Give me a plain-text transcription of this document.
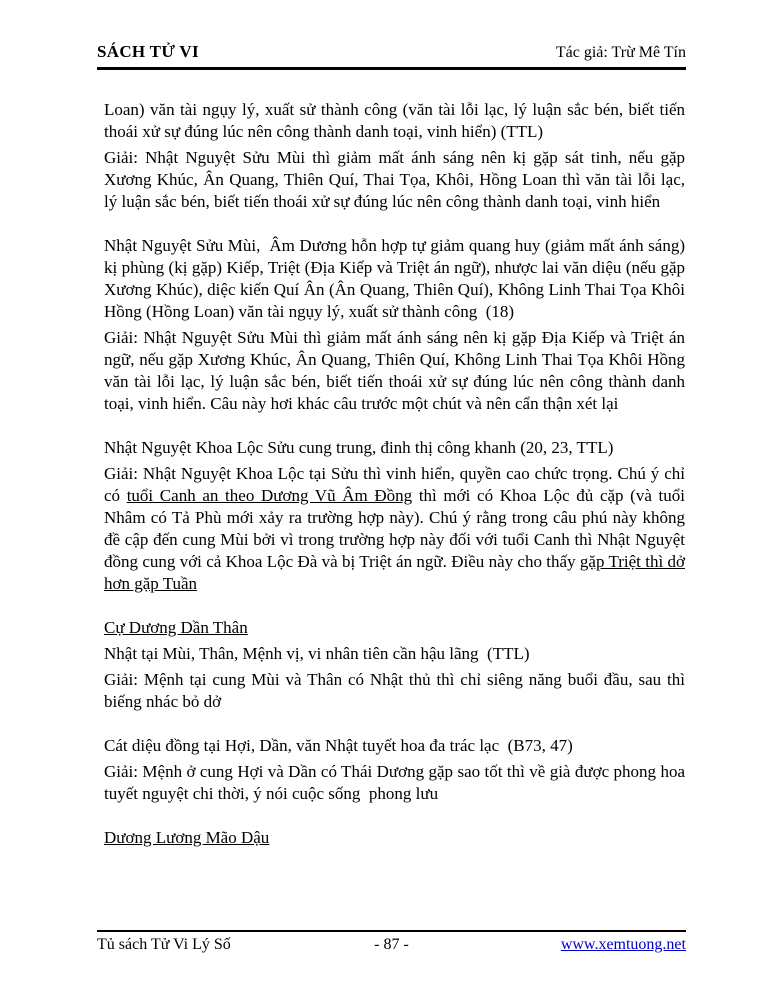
SÁCH TỬ VI	Tác giả: Trừ Mê Tín

Loan) văn tài ngụy lý, xuất sử thành công (văn tài lỗi lạc, lý luận sắc bén, biết tiến thoái xử sự đúng lúc nên công thành danh toại, vinh hiển) (TTL)

Giải: Nhật Nguyệt Sửu Mùi thì giảm mất ánh sáng nên kị gặp sát tinh, nếu gặp Xương Khúc, Ân Quang, Thiên Quí, Thai Tọa, Khôi, Hồng Loan thì văn tài lỗi lạc, lý luận sắc bén, biết tiến thoái xử sự đúng lúc nên công thành danh toại, vinh hiển

Nhật Nguyệt Sửu Mùi,  Âm Dương hỗn hợp tự giảm quang huy (giảm mất ánh sáng) kị phùng (kị gặp) Kiếp, Triệt (Địa Kiếp và Triệt án ngữ), nhược lai văn diệu (nếu gặp Xương Khúc), diệc kiến Quí Ân (Ân Quang, Thiên Quí), Không Linh Thai Tọa Khôi Hồng (Hồng Loan) văn tài ngụy lý, xuất sử thành công  (18)

Giải: Nhật Nguyệt Sửu Mùi thì giảm mất ánh sáng nên kị gặp Địa Kiếp và Triệt án ngữ, nếu gặp Xương Khúc, Ân Quang, Thiên Quí, Không Linh Thai Tọa Khôi Hồng văn tài lỗi lạc, lý luận sắc bén, biết tiến thoái xử sự đúng lúc nên công thành danh toại, vinh hiển. Câu này hơi khác câu trước một chút và nên cẩn thận xét lại

Nhật Nguyệt Khoa Lộc Sửu cung trung, đinh thị công khanh (20, 23, TTL)

Giải: Nhật Nguyệt Khoa Lộc tại Sửu thì vinh hiển, quyền cao chức trọng. Chú ý chỉ có tuổi Canh an theo Dương Vũ Âm Đồng thì mới có Khoa Lộc đủ cặp (và tuổi Nhâm có Tả Phù mới xảy ra trường hợp này). Chú ý rằng trong câu phú này không đề cập đến cung Mùi bởi vì trong trường hợp này đối với tuổi Canh thì Nhật Nguyệt đồng cung với cả Khoa Lộc Đà và bị Triệt án ngữ. Điều này cho thấy gặp Triệt thì dở hơn gặp Tuần

Cự Dương Dần Thân

Nhật tại Mùi, Thân, Mệnh vị, vi nhân tiên cần hậu lãng  (TTL)

Giải: Mệnh tại cung Mùi và Thân có Nhật thủ thì chỉ siêng năng buổi đầu, sau thì biếng nhác bỏ dở

Cát diệu đồng tại Hợi, Dần, văn Nhật tuyết hoa đa trác lạc  (B73, 47)

Giải: Mệnh ở cung Hợi và Dần có Thái Dương gặp sao tốt thì về già được phong hoa tuyết nguyệt chi thời, ý nói cuộc sống  phong lưu

Dương Lương Mão Dậu

Tủ sách Tử Vi Lý Số	- 87 -	www.xemtuong.net
